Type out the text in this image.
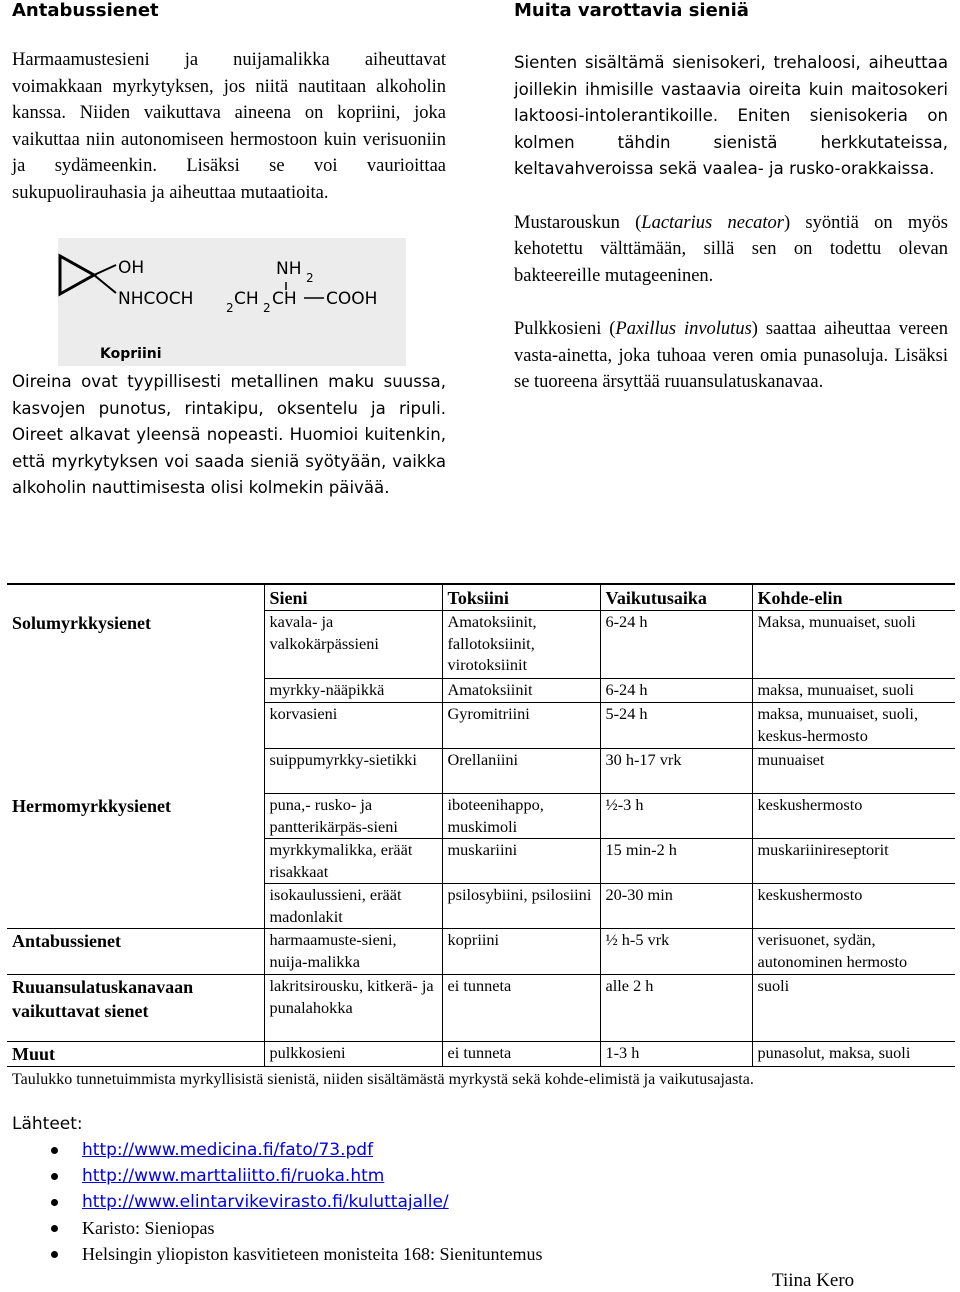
Antabussienet

Harmaamustesieni ja nuijamalikka aiheuttavat voimakkaan myrkytyksen, jos niitä nautitaan alkoholin kanssa. Niiden vaikuttava aineena on kopriini, joka vaikuttaa niin autonomiseen hermostoon kuin verisuoniin ja sydämeenkin. Lisäksi se voi vaurioittaa sukupuolirauhasia ja aiheuttaa mutaatioita.

OH	NH 2
NHCOCH	2 CH 2 CH COOH
Kopriini

Oireina ovat tyypillisesti metallinen maku suussa, kasvojen punotus, rintakipu, oksentelu ja ripuli. Oireet alkavat yleensä nopeasti. Huomioi kuitenkin, että myrkytyksen voi saada sieniä syötyään, vaikka alkoholin nauttimisesta olisi kolmekin päivää.

Muita varottavia sieniä

Sienten sisältämä sienisokeri, trehaloosi, aiheuttaa joillekin ihmisille vastaavia oireita kuin maitosokeri laktoosi-intolerantikoille. Eniten sienisokeria on kolmen tähdin sienistä herkkutateissa, keltavahveroissa sekä vaalea- ja rusko-orakkaissa.

Mustarouskun (Lactarius necator) syöntiä on myös kehotettu välttämään, sillä sen on todettu olevan bakteereille mutageeninen.

Pulkkosieni (Paxillus involutus) saattaa aiheuttaa vereen vasta-ainetta, joka tuhoaa veren omia punasoluja. Lisäksi se tuoreena ärsyttää ruuansulatuskanavaa.

	Sieni	Toksiini	Vaikutusaika	Kohde-elin
Solumyrkkysienet	kavala- ja valkokärpässieni	Amatoksiinit, fallotoksiinit, virotoksiinit	6-24 h	Maksa, munuaiset, suoli
	myrkky-nääpikkä	Amatoksiinit	6-24 h	maksa, munuaiset, suoli
	korvasieni	Gyromitriini	5-24 h	maksa, munuaiset, suoli, keskus-hermosto
	suippumyrkky-sietikki	Orellaniini	30 h-17 vrk	munuaiset
Hermomyrkkysienet	puna,- rusko- ja pantterikärpäs-sieni	iboteenihappo, muskimoli	½-3 h	keskushermosto
	myrkkymalikka, eräät risakkaat	muskariini	15 min-2 h	muskariinireseptorit
	isokaulussieni, eräät madonlakit	psilosybiini, psilosiini	20-30 min	keskushermosto
Antabussienet	harmaamuste-sieni, nuija-malikka	kopriini	½ h-5 vrk	verisuonet, sydän, autonominen hermosto
Ruuansulatuskanavaan vaikuttavat sienet	lakritsirousku, kitkerä- ja punalahokka	ei tunneta	alle 2 h	suoli
Muut	pulkkosieni	ei tunneta	1-3 h	punasolut, maksa, suoli
Taulukko tunnetuimmista myrkyllisistä sienistä, niiden sisältämästä myrkystä sekä kohde-elimistä ja vaikutusajasta.

Lähteet:

http://www.medicina.fi/fato/73.pdf
http://www.marttaliitto.fi/ruoka.htm
http://www.elintarvikevirasto.fi/kuluttajalle/
Karisto: Sieniopas
Helsingin yliopiston kasvitieteen monisteita 168: Sienituntemus
Tiina Kero
